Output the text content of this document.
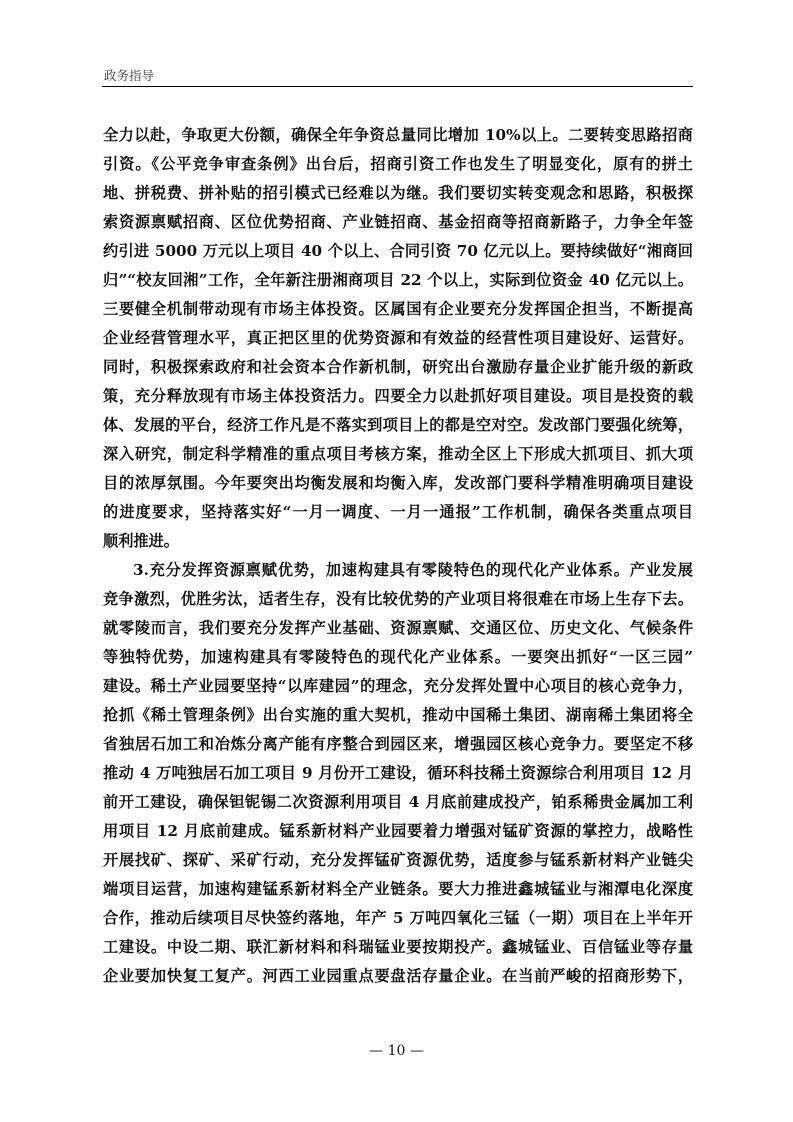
政务指导
全力以赴，争取更大份额，确保全年争资总量同比增加 10%以上。二要转变思路招商
引资。《公平竞争审查条例》出台后，招商引资工作也发生了明显变化，原有的拼土
地、拼税费、拼补贴的招引模式已经难以为继。我们要切实转变观念和思路，积极探
索资源禀赋招商、区位优势招商、产业链招商、基金招商等招商新路子，力争全年签
约引进 5000 万元以上项目 40 个以上、合同引资 70 亿元以上。要持续做好“湘商回
归”“校友回湘”工作，全年新注册湘商项目 22 个以上，实际到位资金 40 亿元以上。
三要健全机制带动现有市场主体投资。区属国有企业要充分发挥国企担当，不断提高
企业经营管理水平，真正把区里的优势资源和有效益的经营性项目建设好、运营好。
同时，积极探索政府和社会资本合作新机制，研究出台激励存量企业扩能升级的新政
策，充分释放现有市场主体投资活力。四要全力以赴抓好项目建设。项目是投资的载
体、发展的平台，经济工作凡是不落实到项目上的都是空对空。发改部门要强化统筹，
深入研究，制定科学精准的重点项目考核方案，推动全区上下形成大抓项目、抓大项
目的浓厚氛围。今年要突出均衡发展和均衡入库，发改部门要科学精准明确项目建设
的进度要求，坚持落实好“一月一调度、一月一通报”工作机制，确保各类重点项目
顺利推进。
3.充分发挥资源禀赋优势，加速构建具有零陵特色的现代化产业体系。产业发展
竞争激烈，优胜劣汰，适者生存，没有比较优势的产业项目将很难在市场上生存下去。
就零陵而言，我们要充分发挥产业基础、资源禀赋、交通区位、历史文化、气候条件
等独特优势，加速构建具有零陵特色的现代化产业体系。一要突出抓好“一区三园”
建设。稀土产业园要坚持“以库建园”的理念，充分发挥处置中心项目的核心竞争力，
抢抓《稀土管理条例》出台实施的重大契机，推动中国稀土集团、湖南稀土集团将全
省独居石加工和冶炼分离产能有序整合到园区来，增强园区核心竞争力。要坚定不移
推动 4 万吨独居石加工项目 9 月份开工建设，循环科技稀土资源综合利用项目 12 月
前开工建设，确保钽铌锡二次资源利用项目 4 月底前建成投产，铂系稀贵金属加工利
用项目 12 月底前建成。锰系新材料产业园要着力增强对锰矿资源的掌控力，战略性
开展找矿、探矿、采矿行动，充分发挥锰矿资源优势，适度参与锰系新材料产业链尖
端项目运营，加速构建锰系新材料全产业链条。要大力推进鑫城锰业与湘潭电化深度
合作，推动后续项目尽快签约落地，年产 5 万吨四氧化三锰（一期）项目在上半年开
工建设。中设二期、联汇新材料和科瑞锰业要按期投产。鑫城锰业、百信锰业等存量
企业要加快复工复产。河西工业园重点要盘活存量企业。在当前严峻的招商形势下，
— 10 —
